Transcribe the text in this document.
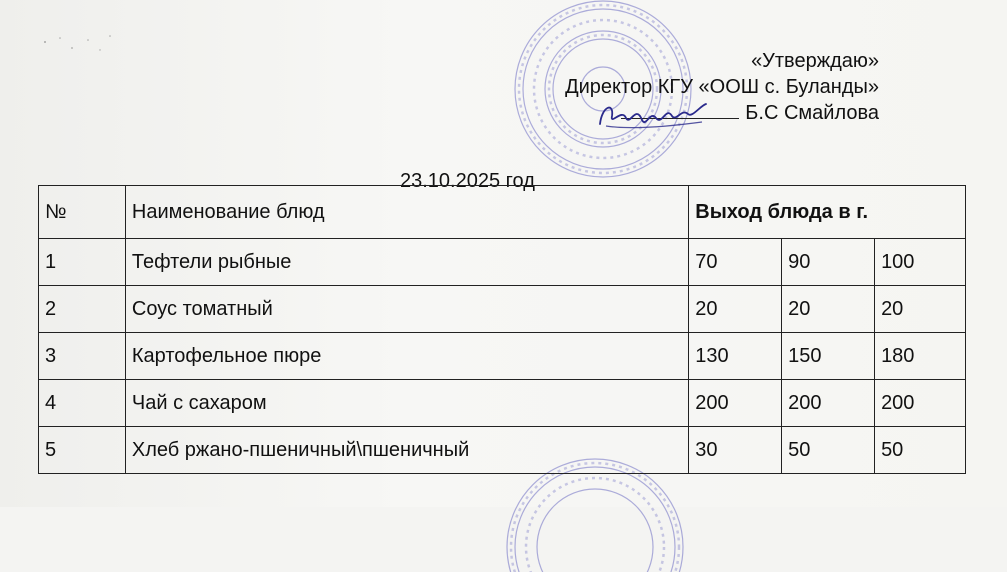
«Утверждаю»
Директор КГУ «ООШ с. Буланды»
Б.С Смайлова
23.10.2025 год
№	Наименование блюд	Выход блюда в г.		
1	Тефтели рыбные	70	90	100
2	Соус томатный	20	20	20
3	Картофельное пюре	130	150	180
4	Чай с сахаром	200	200	200
5	Хлеб ржано-пшеничный\пшеничный	30	50	50
